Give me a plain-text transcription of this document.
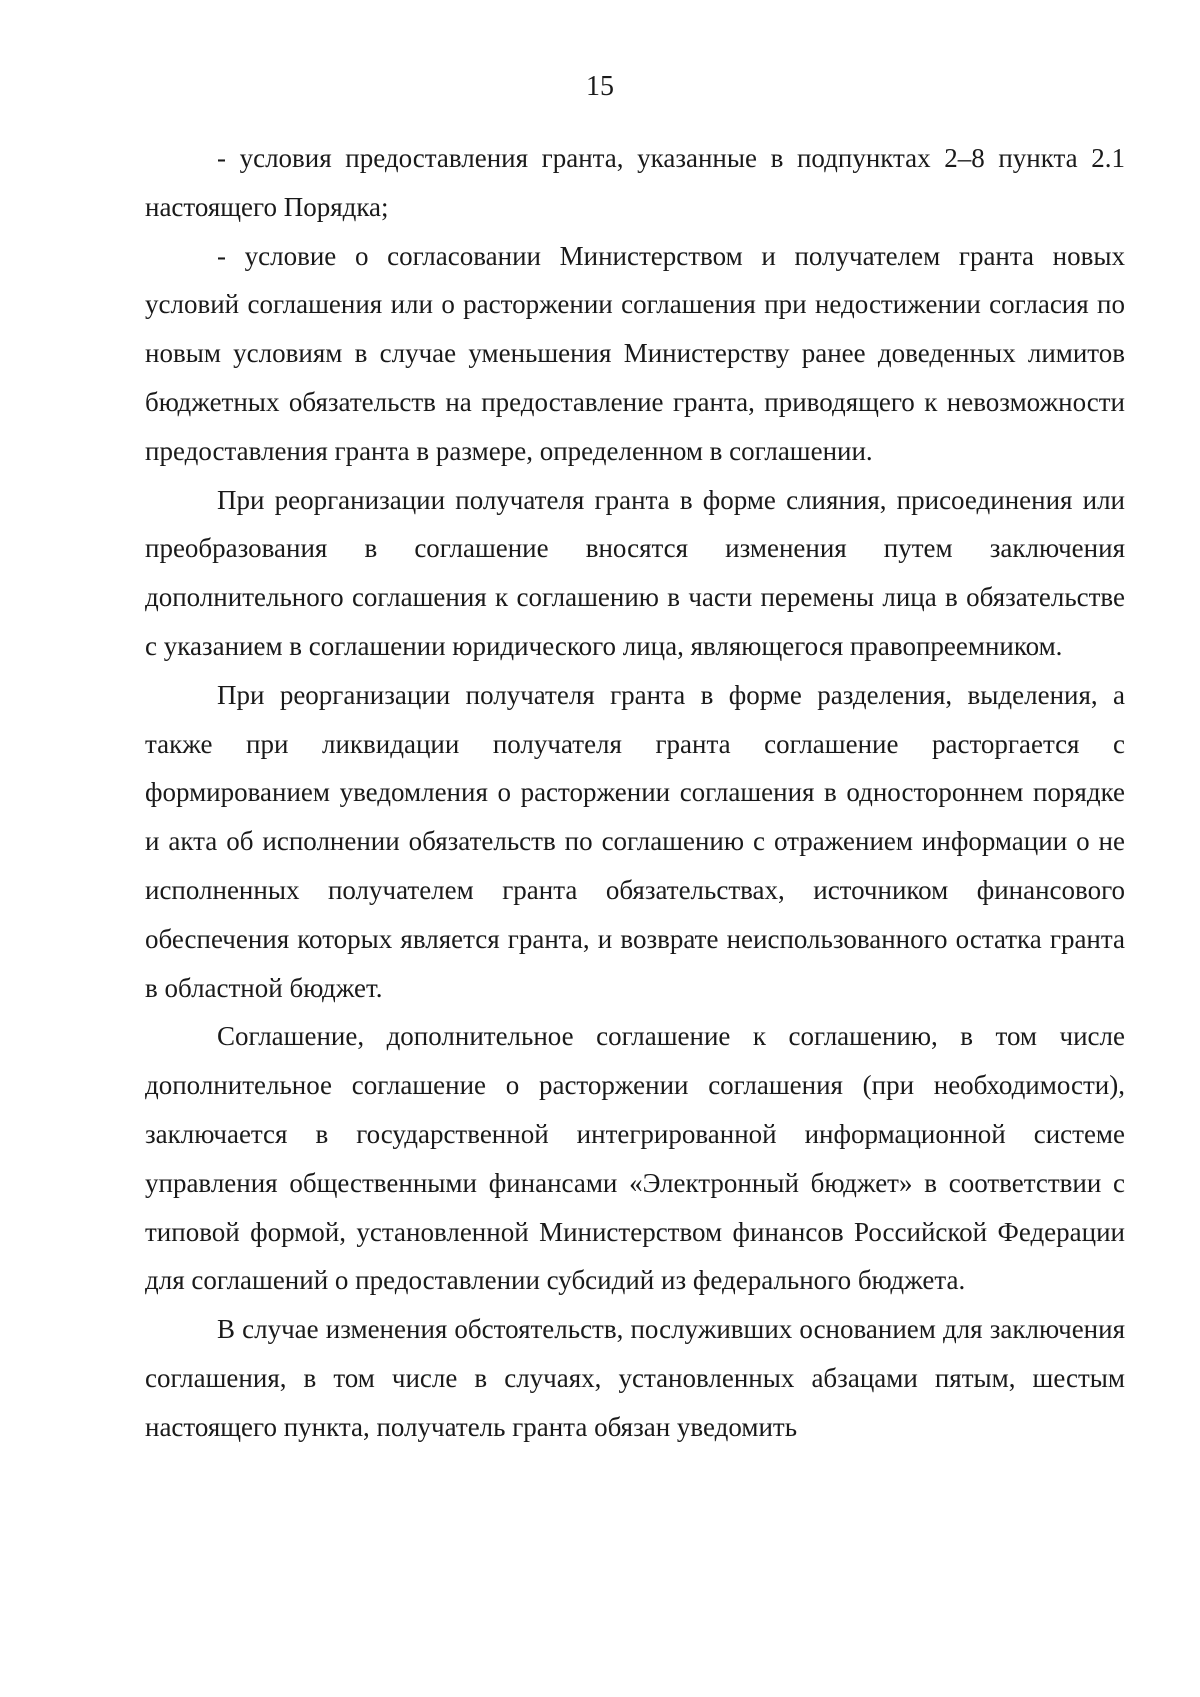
15

- условия предоставления гранта, указанные в подпунктах 2–8 пункта 2.1 настоящего Порядка;

- условие о согласовании Министерством и получателем гранта новых условий соглашения или о расторжении соглашения при недостижении согласия по новым условиям в случае уменьшения Министерству ранее доведенных лимитов бюджетных обязательств на предоставление гранта, приводящего к невозможности предоставления гранта в размере, определенном в соглашении.

При реорганизации получателя гранта в форме слияния, присоединения или преобразования в соглашение вносятся изменения путем заключения дополнительного соглашения к соглашению в части перемены лица в обязательстве с указанием в соглашении юридического лица, являющегося правопреемником.

При реорганизации получателя гранта в форме разделения, выделения, а также при ликвидации получателя гранта соглашение расторгается с формированием уведомления о расторжении соглашения в одностороннем порядке и акта об исполнении обязательств по соглашению с отражением информации о не исполненных получателем гранта обязательствах, источником финансового обеспечения которых является гранта, и возврате неиспользованного остатка гранта в областной бюджет.

Соглашение, дополнительное соглашение к соглашению, в том числе дополнительное соглашение о расторжении соглашения (при необходимости), заключается в государственной интегрированной информационной системе управления общественными финансами «Электронный бюджет» в соответствии с типовой формой, установленной Министерством финансов Российской Федерации для соглашений о предоставлении субсидий из федерального бюджета.

В случае изменения обстоятельств, послуживших основанием для заключения соглашения, в том числе в случаях, установленных абзацами пятым, шестым настоящего пункта, получатель гранта обязан уведомить
